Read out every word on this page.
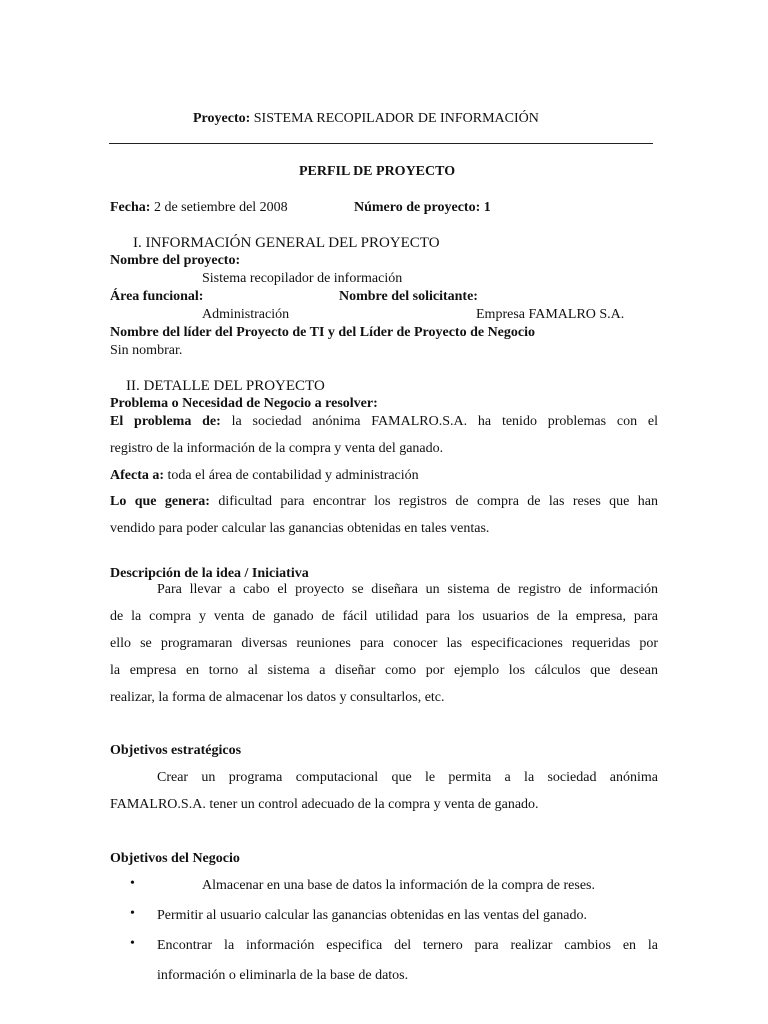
Proyecto: SISTEMA RECOPILADOR DE INFORMACIÓN
PERFIL DE PROYECTO
Fecha: 2 de setiembre del 2008	Número de proyecto: 1
I. INFORMACIÓN GENERAL DEL PROYECTO
Nombre del proyecto:
Sistema recopilador de información
Área funcional:	Nombre del solicitante:
Administración	Empresa FAMALRO S.A.
Nombre del líder del Proyecto de TI y del Líder de Proyecto de Negocio
Sin nombrar.
II. DETALLE DEL PROYECTO
Problema o Necesidad de Negocio a resolver:
El problema de: la sociedad anónima FAMALRO.S.A. ha tenido problemas con el
registro de la información de la compra y venta del ganado.
Afecta a: toda el área de contabilidad y administración
Lo que genera: dificultad para encontrar los registros de compra de las reses que han
vendido para poder calcular las ganancias obtenidas en tales ventas.
Descripción de la idea / Iniciativa
Para llevar a cabo el proyecto se diseñara un sistema de registro de información
de la compra y venta de ganado de fácil utilidad para los usuarios de la empresa, para
ello se programaran diversas reuniones para conocer las especificaciones requeridas por
la empresa en torno al sistema a diseñar como por ejemplo los cálculos que desean
realizar, la forma de almacenar los datos y consultarlos, etc.
Objetivos estratégicos
Crear un programa computacional que le permita a la sociedad anónima
FAMALRO.S.A. tener un control adecuado de la compra y venta de ganado.
Objetivos del Negocio
•	Almacenar en una base de datos la información de la compra de reses.
• Permitir al usuario calcular las ganancias obtenidas en las ventas del ganado.
• Encontrar la información especifica del ternero para realizar cambios en la
información o eliminarla de la base de datos.
